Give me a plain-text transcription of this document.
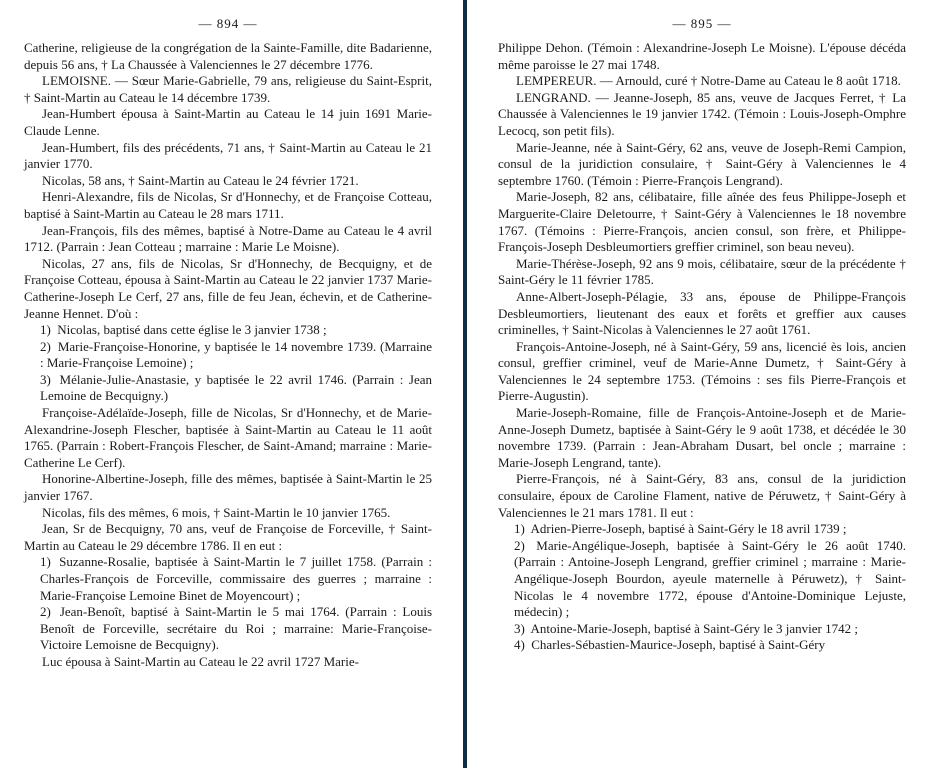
— 894 —

Catherine, religieuse de la congrégation de la Sainte-Famille, dite Badarienne, depuis 56 ans, † La Chaussée à Valenciennes le 27 décembre 1776.

LEMOISNE. — Sœur Marie-Gabrielle, 79 ans, religieuse du Saint-Esprit, † Saint-Martin au Cateau le 14 décembre 1739.

Jean-Humbert épousa à Saint-Martin au Cateau le 14 juin 1691 Marie-Claude Lenne.

Jean-Humbert, fils des précédents, 71 ans, † Saint-Martin au Cateau le 21 janvier 1770.

Nicolas, 58 ans, † Saint-Martin au Cateau le 24 février 1721.

Henri-Alexandre, fils de Nicolas, Sr d'Honnechy, et de Françoise Cotteau, baptisé à Saint-Martin au Cateau le 28 mars 1711.

Jean-François, fils des mêmes, baptisé à Notre-Dame au Cateau le 4 avril 1712. (Parrain : Jean Cotteau ; marraine : Marie Le Moisne).

Nicolas, 27 ans, fils de Nicolas, Sr d'Honnechy, de Becquigny, et de Françoise Cotteau, épousa à Saint-Martin au Cateau le 22 janvier 1737 Marie-Catherine-Joseph Le Cerf, 27 ans, fille de feu Jean, échevin, et de Catherine-Jeanne Hennet. D'où :

1) Nicolas, baptisé dans cette église le 3 janvier 1738 ;

2) Marie-Françoise-Honorine, y baptisée le 14 novembre 1739. (Marraine : Marie-Françoise Lemoine) ;

3) Mélanie-Julie-Anastasie, y baptisée le 22 avril 1746. (Parrain : Jean Lemoine de Becquigny.)

Françoise-Adélaïde-Joseph, fille de Nicolas, Sr d'Honnechy, et de Marie-Alexandrine-Joseph Flescher, baptisée à Saint-Martin au Cateau le 11 août 1765. (Parrain : Robert-François Flescher, de Saint-Amand; marraine : Marie-Catherine Le Cerf).

Honorine-Albertine-Joseph, fille des mêmes, baptisée à Saint-Martin le 25 janvier 1767.

Nicolas, fils des mêmes, 6 mois, † Saint-Martin le 10 janvier 1765.

Jean, Sr de Becquigny, 70 ans, veuf de Françoise de Forceville, † Saint-Martin au Cateau le 29 décembre 1786. Il en eut :

1) Suzanne-Rosalie, baptisée à Saint-Martin le 7 juillet 1758. (Parrain : Charles-François de Forceville, commissaire des guerres ; marraine : Marie-Françoise Lemoine Binet de Moyencourt) ;

2) Jean-Benoît, baptisé à Saint-Martin le 5 mai 1764. (Parrain : Louis Benoît de Forceville, secrétaire du Roi ; marraine: Marie-Françoise-Victoire Lemoisne de Becquigny).

Luc épousa à Saint-Martin au Cateau le 22 avril 1727 Marie-

— 895 —

Philippe Dehon. (Témoin : Alexandrine-Joseph Le Moisne). L'épouse décéda même paroisse le 27 mai 1748.

LEMPEREUR. — Arnould, curé † Notre-Dame au Cateau le 8 août 1718.

LENGRAND. — Jeanne-Joseph, 85 ans, veuve de Jacques Ferret, † La Chaussée à Valenciennes le 19 janvier 1742. (Témoin : Louis-Joseph-Omphre Lecocq, son petit fils).

Marie-Jeanne, née à Saint-Géry, 62 ans, veuve de Joseph-Remi Campion, consul de la juridiction consulaire, † Saint-Géry à Valenciennes le 4 septembre 1760. (Témoin : Pierre-François Lengrand).

Marie-Joseph, 82 ans, célibataire, fille aînée des feus Philippe-Joseph et Marguerite-Claire Deletourre, † Saint-Géry à Valenciennes le 18 novembre 1767. (Témoins : Pierre-François, ancien consul, son frère, et Philippe-François-Joseph Desbleumortiers greffier criminel, son beau neveu).

Marie-Thérèse-Joseph, 92 ans 9 mois, célibataire, sœur de la précédente † Saint-Géry le 11 février 1785.

Anne-Albert-Joseph-Pélagie, 33 ans, épouse de Philippe-François Desbleumortiers, lieutenant des eaux et forêts et greffier aux causes criminelles, † Saint-Nicolas à Valenciennes le 27 août 1761.

François-Antoine-Joseph, né à Saint-Géry, 59 ans, licencié ès lois, ancien consul, greffier criminel, veuf de Marie-Anne Dumetz, † Saint-Géry à Valenciennes le 24 septembre 1753. (Témoins : ses fils Pierre-François et Pierre-Augustin).

Marie-Joseph-Romaine, fille de François-Antoine-Joseph et de Marie-Anne-Joseph Dumetz, baptisée à Saint-Géry le 9 août 1738, et décédée le 30 novembre 1739. (Parrain : Jean-Abraham Dusart, bel oncle ; marraine : Marie-Joseph Lengrand, tante).

Pierre-François, né à Saint-Géry, 83 ans, consul de la juridiction consulaire, époux de Caroline Flament, native de Péruwetz, † Saint-Géry à Valenciennes le 21 mars 1781. Il eut :

1) Adrien-Pierre-Joseph, baptisé à Saint-Géry le 18 avril 1739 ;

2) Marie-Angélique-Joseph, baptisée à Saint-Géry le 26 août 1740. (Parrain : Antoine-Joseph Lengrand, greffier criminel ; marraine : Marie-Angélique-Joseph Bourdon, ayeule maternelle à Péruwetz), † Saint-Nicolas le 4 novembre 1772, épouse d'Antoine-Dominique Lejuste, médecin) ;

3) Antoine-Marie-Joseph, baptisé à Saint-Géry le 3 janvier 1742 ;

4) Charles-Sébastien-Maurice-Joseph, baptisé à Saint-Géry
